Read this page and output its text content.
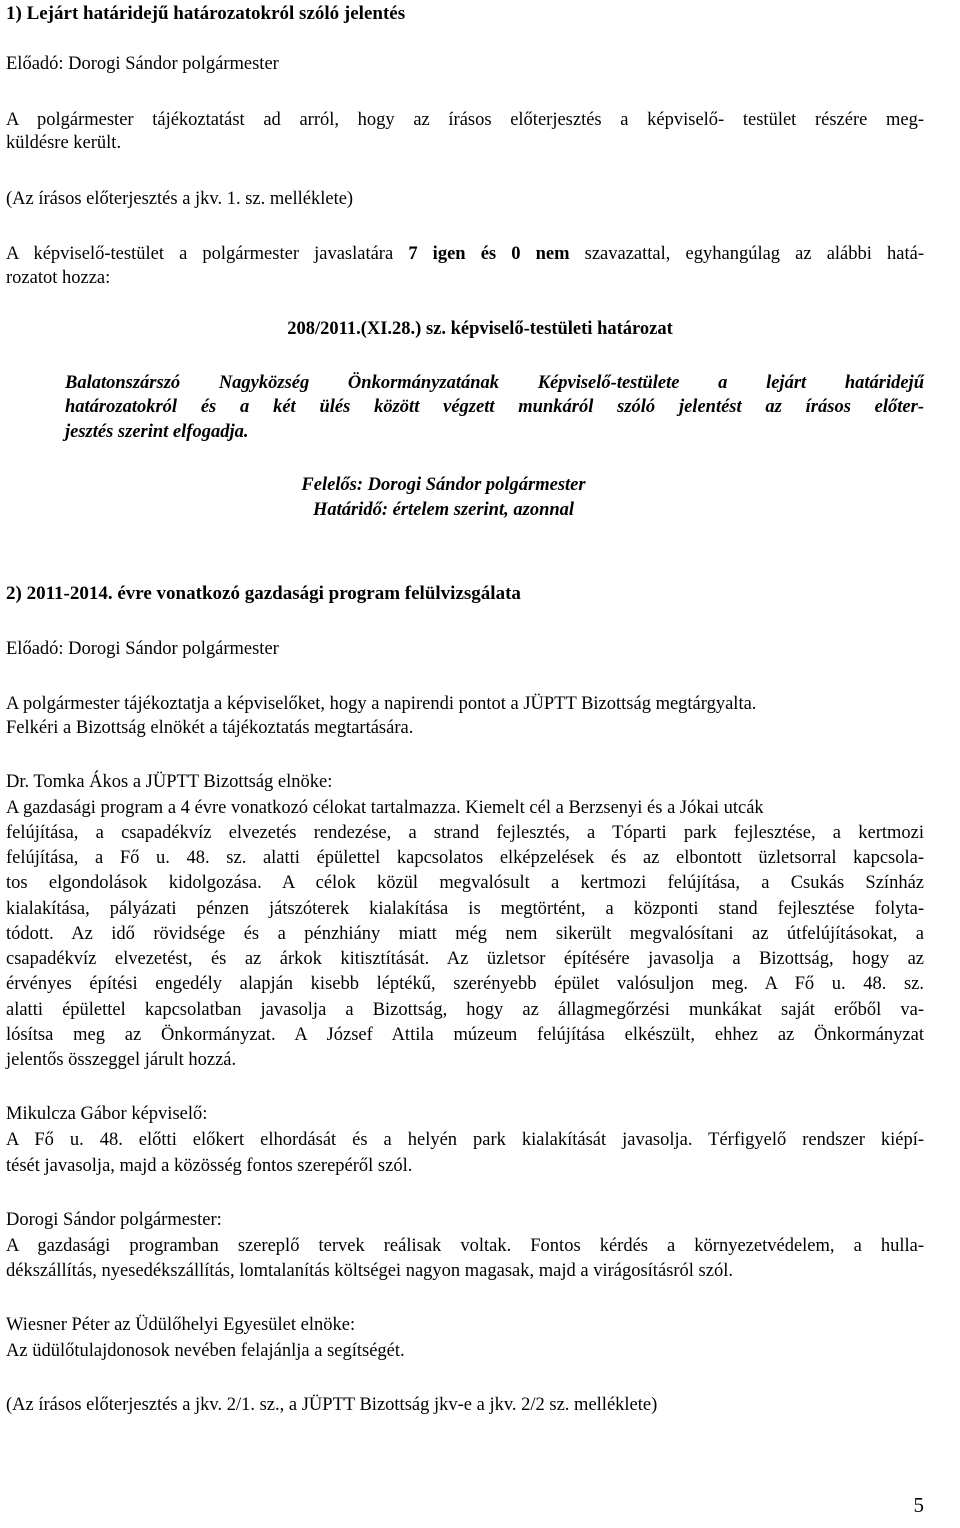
1) Lejárt határidejű határozatokról szóló jelentés
Előadó: Dorogi Sándor polgármester
A polgármester tájékoztatást ad arról, hogy az írásos előterjesztés a képviselő- testület részére meg-
küldésre került.
(Az írásos előterjesztés a jkv. 1. sz. melléklete)
A képviselő-testület a polgármester javaslatára 7 igen és 0 nem szavazattal, egyhangúlag az alábbi hatá-
rozatot hozza:
208/2011.(XI.28.) sz. képviselő-testületi határozat
Balatonszárszó Nagyközség Önkormányzatának Képviselő-testülete a lejárt határidejű
határozatokról és a két ülés között végzett munkáról szóló jelentést az írásos előter-
jesztés szerint elfogadja.
Felelős: Dorogi Sándor polgármester
Határidő: értelem szerint, azonnal
2) 2011-2014. évre vonatkozó gazdasági program felülvizsgálata
Előadó: Dorogi Sándor polgármester
A polgármester tájékoztatja a képviselőket, hogy a napirendi pontot a JÜPTT Bizottság megtárgyalta.
Felkéri a Bizottság elnökét a tájékoztatás megtartására.
Dr. Tomka Ákos a JÜPTT Bizottság elnöke:
A gazdasági program a 4 évre vonatkozó célokat tartalmazza. Kiemelt cél a Berzsenyi és a Jókai utcák
felújítása, a csapadékvíz elvezetés rendezése, a strand fejlesztés, a Tóparti park fejlesztése, a kertmozi
felújítása, a Fő u. 48. sz. alatti épülettel kapcsolatos elképzelések és az elbontott üzletsorral kapcsola-
tos elgondolások kidolgozása. A célok közül megvalósult a kertmozi felújítása, a Csukás Színház
kialakítása, pályázati pénzen játszóterek kialakítása is megtörtént, a központi stand fejlesztése folyta-
tódott. Az idő rövidsége és a pénzhiány miatt még nem sikerült megvalósítani az útfelújításokat, a
csapadékvíz elvezetést, és az árkok kitisztítását. Az üzletsor építésére javasolja a Bizottság, hogy az
érvényes építési engedély alapján kisebb léptékű, szerényebb épület valósuljon meg. A Fő u. 48. sz.
alatti épülettel kapcsolatban javasolja a Bizottság, hogy az állagmegőrzési munkákat saját erőből va-
lósítsa meg az Önkormányzat. A József Attila múzeum felújítása elkészült, ehhez az Önkormányzat
jelentős összeggel járult hozzá.
Mikulcza Gábor képviselő:
A Fő u. 48. előtti előkert elhordását és a helyén park kialakítását javasolja. Térfigyelő rendszer kiépí-
tését javasolja, majd a közösség fontos szerepéről szól.
Dorogi Sándor polgármester:
A gazdasági programban szereplő tervek reálisak voltak. Fontos kérdés a környezetvédelem, a hulla-
dékszállítás, nyesedékszállítás, lomtalanítás költségei nagyon magasak, majd a virágosításról szól.
Wiesner Péter az Üdülőhelyi Egyesület elnöke:
Az üdülőtulajdonosok nevében felajánlja a segítségét.
(Az írásos előterjesztés a jkv. 2/1. sz., a JÜPTT Bizottság jkv-e a jkv. 2/2 sz. melléklete)
5
